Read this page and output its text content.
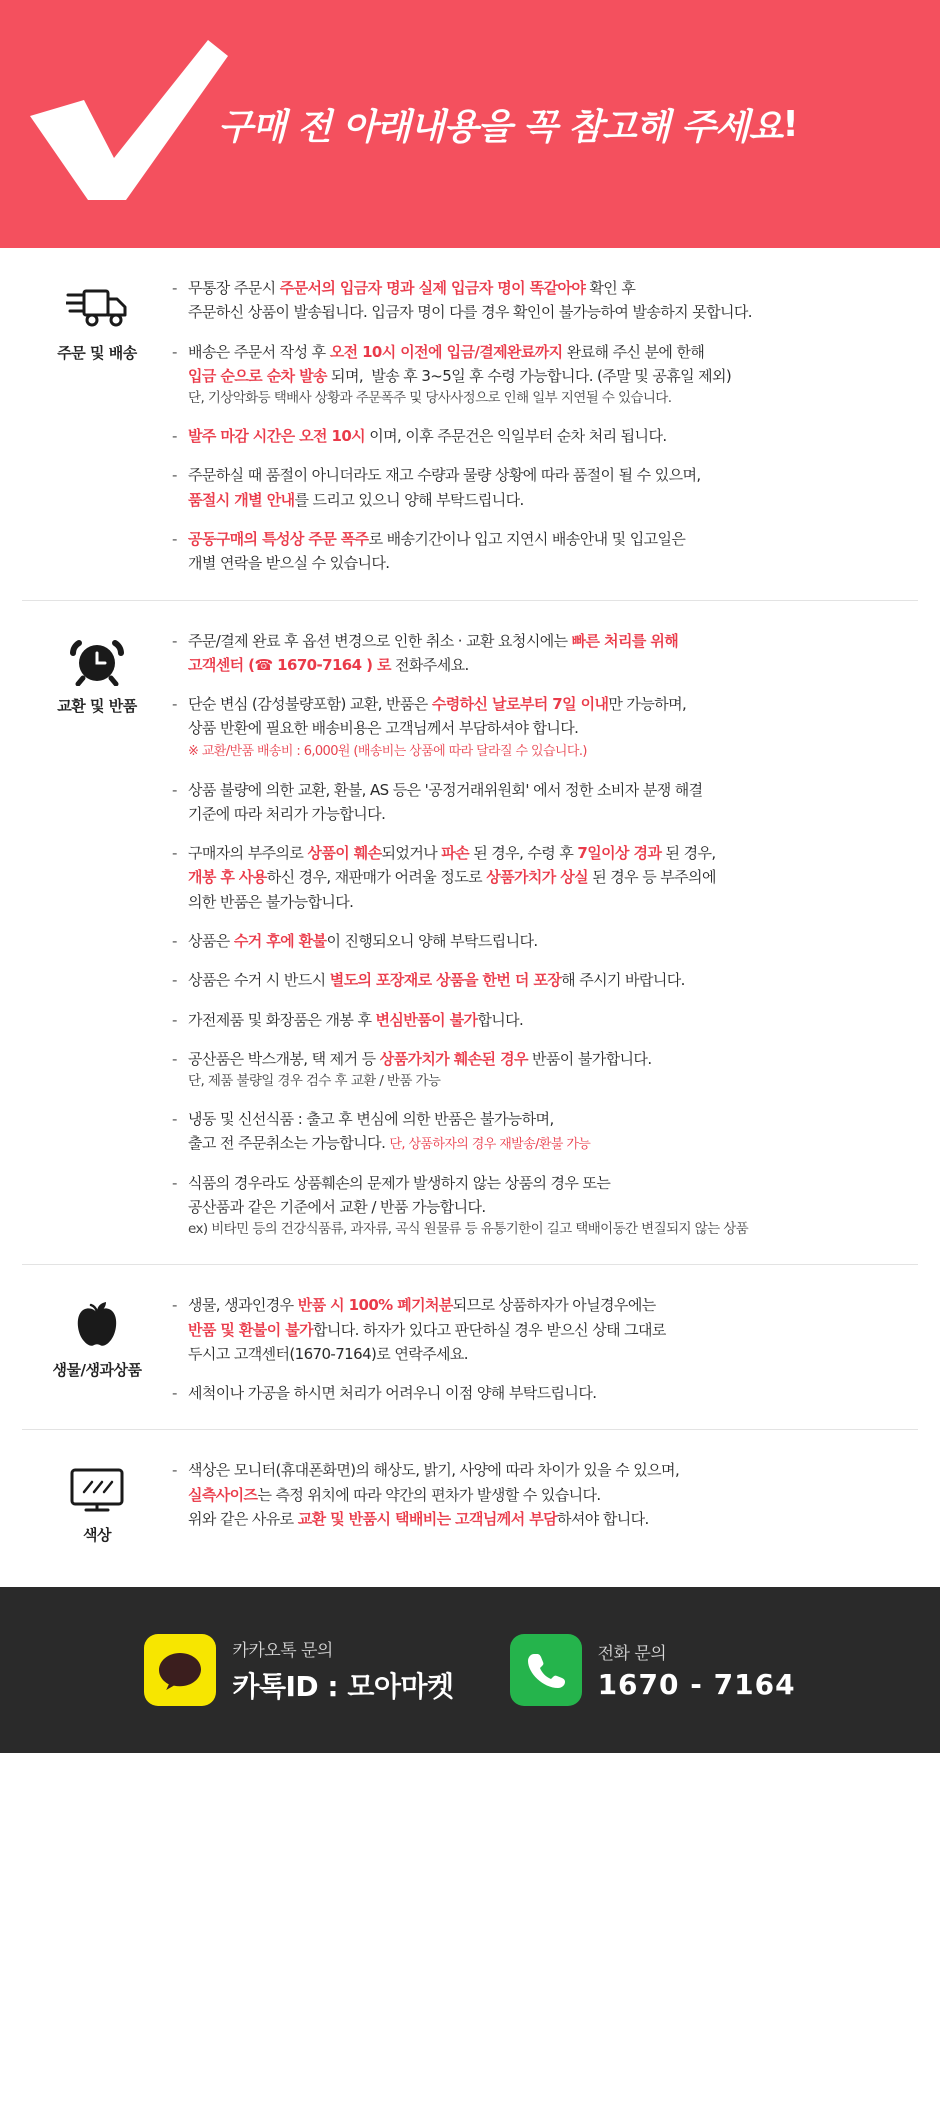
구매 전 아래내용을 꼭 참고해 주세요 !
주문 및 배송
- 무통장 주문시 주문서의 입금자 명과 실제 입금자 명이 똑같아야 확인 후
주문하신 상품이 발송됩니다. 입금자 명이 다를 경우 확인이 불가능하여 발송하지 못합니다.
- 배송은 주문서 작성 후 오전 10시 이전에 입금/결제완료까지 완료해 주신 분에 한해
입금 순으로 순차 발송 되며,  발송 후 3~5일 후 수령 가능합니다. (주말 및 공휴일 제외)
단, 기상악화등 택배사 상황과 주문폭주 및 당사사정으로 인해 일부 지연될 수 있습니다.
- 발주 마감 시간은 오전 10시 이며, 이후 주문건은 익일부터 순차 처리 됩니다.
- 주문하실 때 품절이 아니더라도 재고 수량과 물량 상황에 따라 품절이 될 수 있으며,
품절시 개별 안내를 드리고 있으니 양해 부탁드립니다.
- 공동구매의 특성상 주문 폭주로 배송기간이나 입고 지연시 배송안내 및 입고일은
개별 연락을 받으실 수 있습니다.
교환 및 반품
- 주문/결제 완료 후 옵션 변경으로 인한 취소 · 교환 요청시에는 빠른 처리를 위해
고객센터 (☎ 1670-7164 ) 로 전화주세요.
- 단순 변심 (감성불량포함) 교환, 반품은 수령하신 날로부터 7일 이내만 가능하며,
상품 반환에 필요한 배송비용은 고객님께서 부담하셔야 합니다.
※ 교환/반품 배송비 : 6,000원 (배송비는 상품에 따라 달라질 수 있습니다.)
- 상품 불량에 의한 교환, 환불, AS 등은 '공정거래위원회' 에서 정한 소비자 분쟁 해결
기준에 따라 처리가 가능합니다.
- 구매자의 부주의로 상품이 훼손되었거나 파손 된 경우, 수령 후 7일이상 경과 된 경우,
개봉 후 사용하신 경우, 재판매가 어려울 정도로 상품가치가 상실 된 경우 등 부주의에
의한 반품은 불가능합니다.
- 상품은 수거 후에 환불이 진행되오니 양해 부탁드립니다.
- 상품은 수거 시 반드시 별도의 포장재로 상품을 한번 더 포장해 주시기 바랍니다.
- 가전제품 및 화장품은 개봉 후 변심반품이 불가합니다.
- 공산품은 박스개봉, 택 제거 등 상품가치가 훼손된 경우 반품이 불가합니다.
단, 제품 불량일 경우 검수 후 교환 / 반품 가능
- 냉동 및 신선식품 : 출고 후 변심에 의한 반품은 불가능하며,
출고 전 주문취소는 가능합니다. 단, 상품하자의 경우 재발송/환불 가능
- 식품의 경우라도 상품훼손의 문제가 발생하지 않는 상품의 경우 또는
공산품과 같은 기준에서 교환 / 반품 가능합니다.
ex) 비타민 등의 건강식품류, 과자류, 곡식 원물류 등 유통기한이 길고 택배이동간 변질되지 않는 상품
생물/생과상품
- 생물, 생과인경우 반품 시 100% 폐기처분되므로 상품하자가 아닐경우에는
반품 및 환불이 불가합니다. 하자가 있다고 판단하실 경우 받으신 상태 그대로
두시고 고객센터(1670-7164)로 연락주세요.
- 세척이나 가공을 하시면 처리가 어려우니 이점 양해 부탁드립니다.
색상
- 색상은 모니터(휴대폰화면)의 해상도, 밝기, 사양에 따라 차이가 있을 수 있으며,
실측사이즈는 측정 위치에 따라 약간의 편차가 발생할 수 있습니다.
위와 같은 사유로 교환 및 반품시 택배비는 고객님께서 부담하셔야 합니다.
카카오톡 문의
카톡ID : 모아마켓
전화 문의
1670 - 7164
